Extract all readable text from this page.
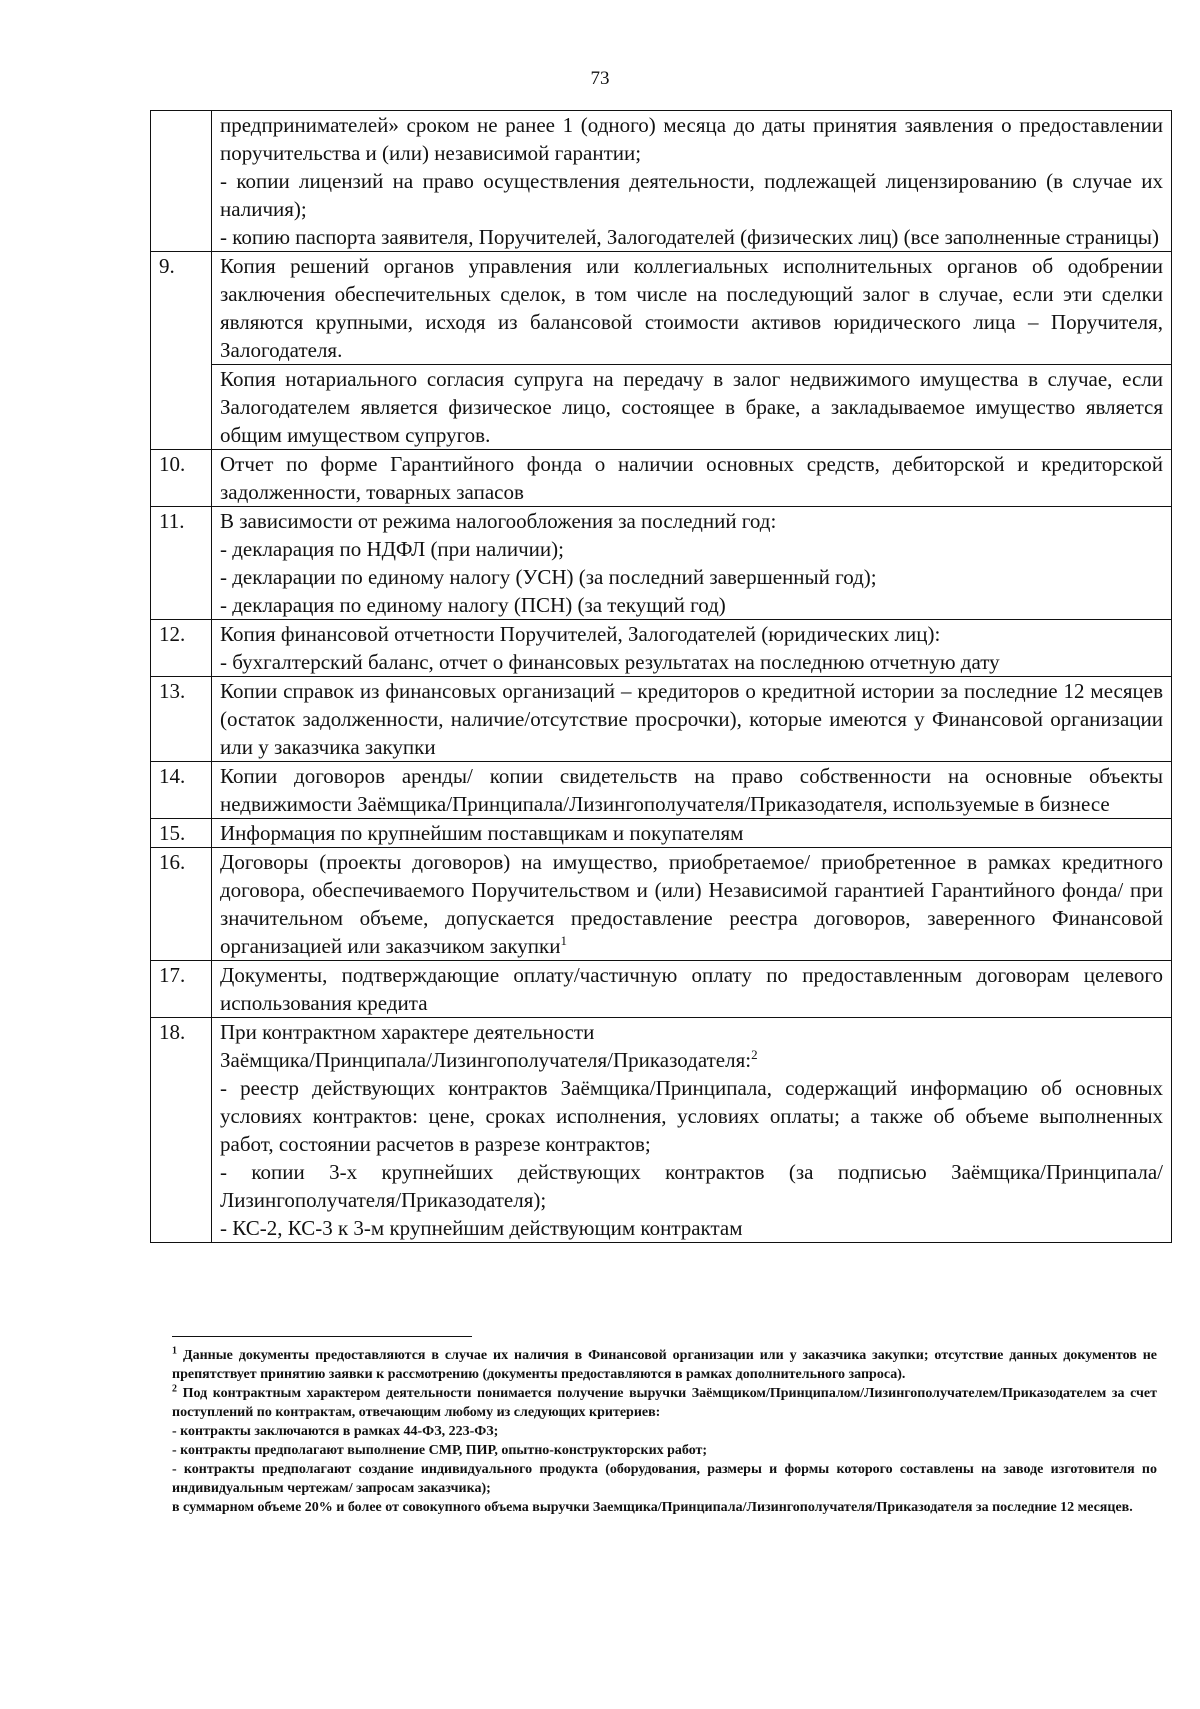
73

	предпринимателей» сроком не ранее 1 (одного) месяца до даты принятия заявления о предоставлении поручительства и (или) независимой гарантии;
- копии лицензий на право осуществления деятельности, подлежащей лицензированию (в случае их наличия);
- копию паспорта заявителя, Поручителей, Залогодателей (физических лиц) (все заполненные страницы)

9.	Копия решений органов управления или коллегиальных исполнительных органов об одобрении заключения обеспечительных сделок, в том числе на последующий залог в случае, если эти сделки являются крупными, исходя из балансовой стоимости активов юридического лица – Поручителя, Залогодателя.
	Копия нотариального согласия супруга на передачу в залог недвижимого имущества в случае, если Залогодателем является физическое лицо, состоящее в браке, а закладываемое имущество является общим имуществом супругов.
10.	Отчет по форме Гарантийного фонда о наличии основных средств, дебиторской и кредиторской задолженности, товарных запасов
11.	В зависимости от режима налогообложения за последний год:
- декларация по НДФЛ (при наличии);
- декларации по единому налогу (УСН) (за последний завершенный год);
- декларация по единому налогу (ПСН) (за текущий год)

12.	Копия финансовой отчетности Поручителей, Залогодателей (юридических лиц):
- бухгалтерский баланс, отчет о финансовых результатах на последнюю отчетную дату

13.	Копии справок из финансовых организаций – кредиторов о кредитной истории за последние 12 месяцев (остаток задолженности, наличие/отсутствие просрочки), которые имеются у Финансовой организации или у заказчика закупки
14.	Копии договоров аренды/ копии свидетельств на право собственности на основные объекты недвижимости Заёмщика/Принципала/Лизингополучателя/Приказодателя, используемые в бизнесе
15.	Информация по крупнейшим поставщикам и покупателям
16.	Договоры (проекты договоров) на имущество, приобретаемое/ приобретенное в рамках кредитного договора, обеспечиваемого Поручительством и (или) Независимой гарантией Гарантийного фонда/ при значительном объеме, допускается предоставление реестра договоров, заверенного Финансовой организацией или заказчиком закупки$^1$
17.	Документы, подтверждающие оплату/частичную оплату по предоставленным договорам целевого использования кредита
18.	При контрактном характере деятельности
Заёмщика/Принципала/Лизингополучателя/Приказодателя:$^2$
- реестр действующих контрактов Заёмщика/Принципала, содержащий информацию об основных условиях контрактов: цене, сроках исполнения, условиях оплаты; а также об объеме выполненных работ, состоянии расчетов в разрезе контрактов;
- копии 3-х крупнейших действующих контрактов (за подписью Заёмщика/Принципала/Лизингополучателя/Приказодателя);
- КС-2, КС-3 к 3-м крупнейшим действующим контрактам
$^1$ Данные документы предоставляются в случае их наличия в Финансовой организации или у заказчика закупки; отсутствие данных документов не препятствует принятию заявки к рассмотрению (документы предоставляются в рамках дополнительного запроса).
$^2$ Под контрактным характером деятельности понимается получение выручки Заёмщиком/Принципалом/Лизингополучателем/Приказодателем за счет поступлений по контрактам, отвечающим любому из следующих критериев:
- контракты заключаются в рамках 44-ФЗ, 223-ФЗ;
- контракты предполагают выполнение СМР, ПИР, опытно-конструкторских работ;
- контракты предполагают создание индивидуального продукта (оборудования, размеры и формы которого составлены на заводе изготовителя по индивидуальным чертежам/ запросам заказчика);
в суммарном объеме 20% и более от совокупного объема выручки Заемщика/Принципала/Лизингополучателя/Приказодателя за последние 12 месяцев.
